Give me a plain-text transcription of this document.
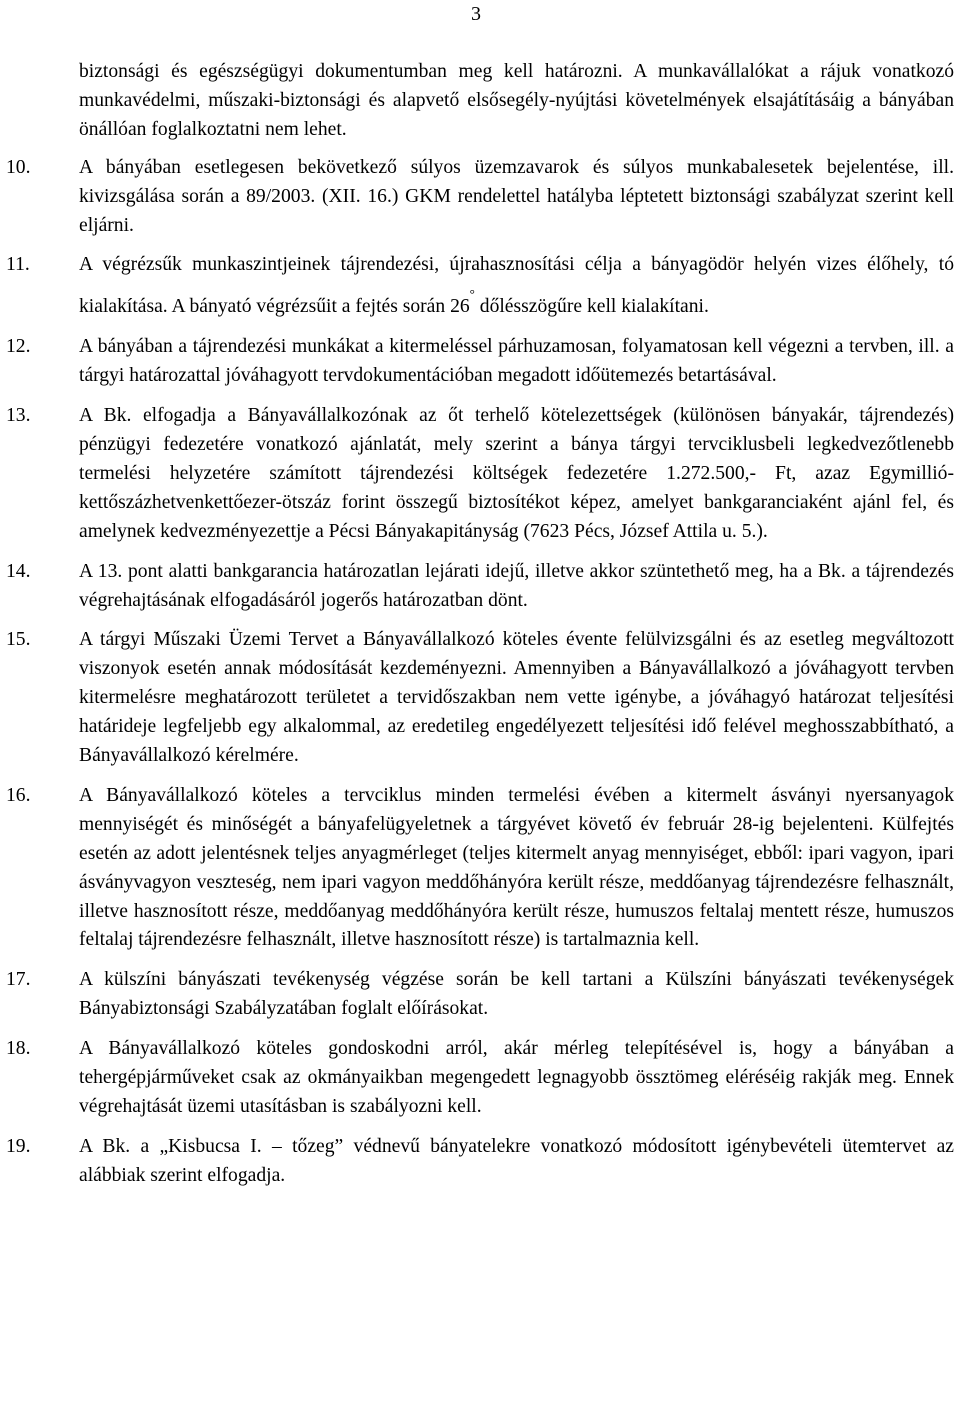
3

biztonsági és egészségügyi dokumentumban meg kell határozni. A munkavállalókat a rájuk vonatkozó munkavédelmi, műszaki-biztonsági és alapvető elsősegély-nyújtási követelmények elsajátításáig a bányában önállóan foglalkoztatni nem lehet.

10. A bányában esetlegesen bekövetkező súlyos üzemzavarok és súlyos munkabalesetek bejelentése, ill. kivizsgálása során a 89/2003. (XII. 16.) GKM rendelettel hatályba léptetett biztonsági szabályzat szerint kell eljárni.

11.	A végrézsűk munkaszintjeinek tájrendezési, újrahasznosítási célja a bányagödör helyén vizes élőhely, tó kialakítása. A bányató végrézsűit a fejtés során 26° dőlésszögűre kell kialakítani.

12. A bányában a tájrendezési munkákat a kitermeléssel párhuzamosan, folyamatosan kell végezni a tervben, ill. a tárgyi határozattal jóváhagyott tervdokumentációban megadott időütemezés betartásával.

13. A Bk. elfogadja a Bányavállalkozónak az őt terhelő kötelezettségek (különösen bányakár, tájrendezés) pénzügyi fedezetére vonatkozó ajánlatát, mely szerint a bánya tárgyi tervciklusbeli legkedvezőtlenebb termelési helyzetére számított tájrendezési költségek fedezetére 1.272.500,- Ft, azaz Egymillió-kettőszázhetvenkettőezer-ötszáz forint összegű biztosítékot képez, amelyet bankgaranciaként ajánl fel, és amelynek kedvezményezettje a Pécsi Bányakapitányság (7623 Pécs, József Attila u. 5.).

14. A 13. pont alatti bankgarancia határozatlan lejárati idejű, illetve akkor szüntethető meg, ha a Bk. a tájrendezés végrehajtásának elfogadásáról jogerős határozatban dönt.

15. A tárgyi Műszaki Üzemi Tervet a Bányavállalkozó köteles évente felülvizsgálni és az esetleg megváltozott viszonyok esetén annak módosítását kezdeményezni. Amennyiben a Bányavállalkozó a jóváhagyott tervben kitermelésre meghatározott területet a tervidőszakban nem vette igénybe, a jóváhagyó határozat teljesítési határideje legfeljebb egy alkalommal, az eredetileg engedélyezett teljesítési idő felével meghosszabbítható, a Bányavállalkozó kérelmére.

16. A Bányavállalkozó köteles a tervciklus minden termelési évében a kitermelt ásványi nyersanyagok mennyiségét és minőségét a bányafelügyeletnek a tárgyévet követő év február 28-ig bejelenteni. Külfejtés esetén az adott jelentésnek teljes anyagmérleget (teljes kitermelt anyag mennyiséget, ebből: ipari vagyon, ipari ásványvagyon veszteség, nem ipari vagyon meddőhányóra került része, meddőanyag tájrendezésre felhasznált, illetve hasznosított része, meddőanyag meddőhányóra került része, humuszos feltalaj mentett része, humuszos feltalaj tájrendezésre felhasznált, illetve hasznosított része) is tartalmaznia kell.

17. A külszíni bányászati tevékenység végzése során be kell tartani a Külszíni bányászati tevékenységek Bányabiztonsági Szabályzatában foglalt előírásokat.

18. A Bányavállalkozó köteles gondoskodni arról, akár mérleg telepítésével is, hogy a bányában a tehergépjárműveket csak az okmányaikban megengedett legnagyobb össztömeg eléréséig rakják meg. Ennek végrehajtását üzemi utasításban is szabályozni kell.

19. A Bk. a „Kisbucsa I. – tőzeg” védnevű bányatelekre vonatkozó módosított igénybevételi ütemtervet az alábbiak szerint elfogadja.
